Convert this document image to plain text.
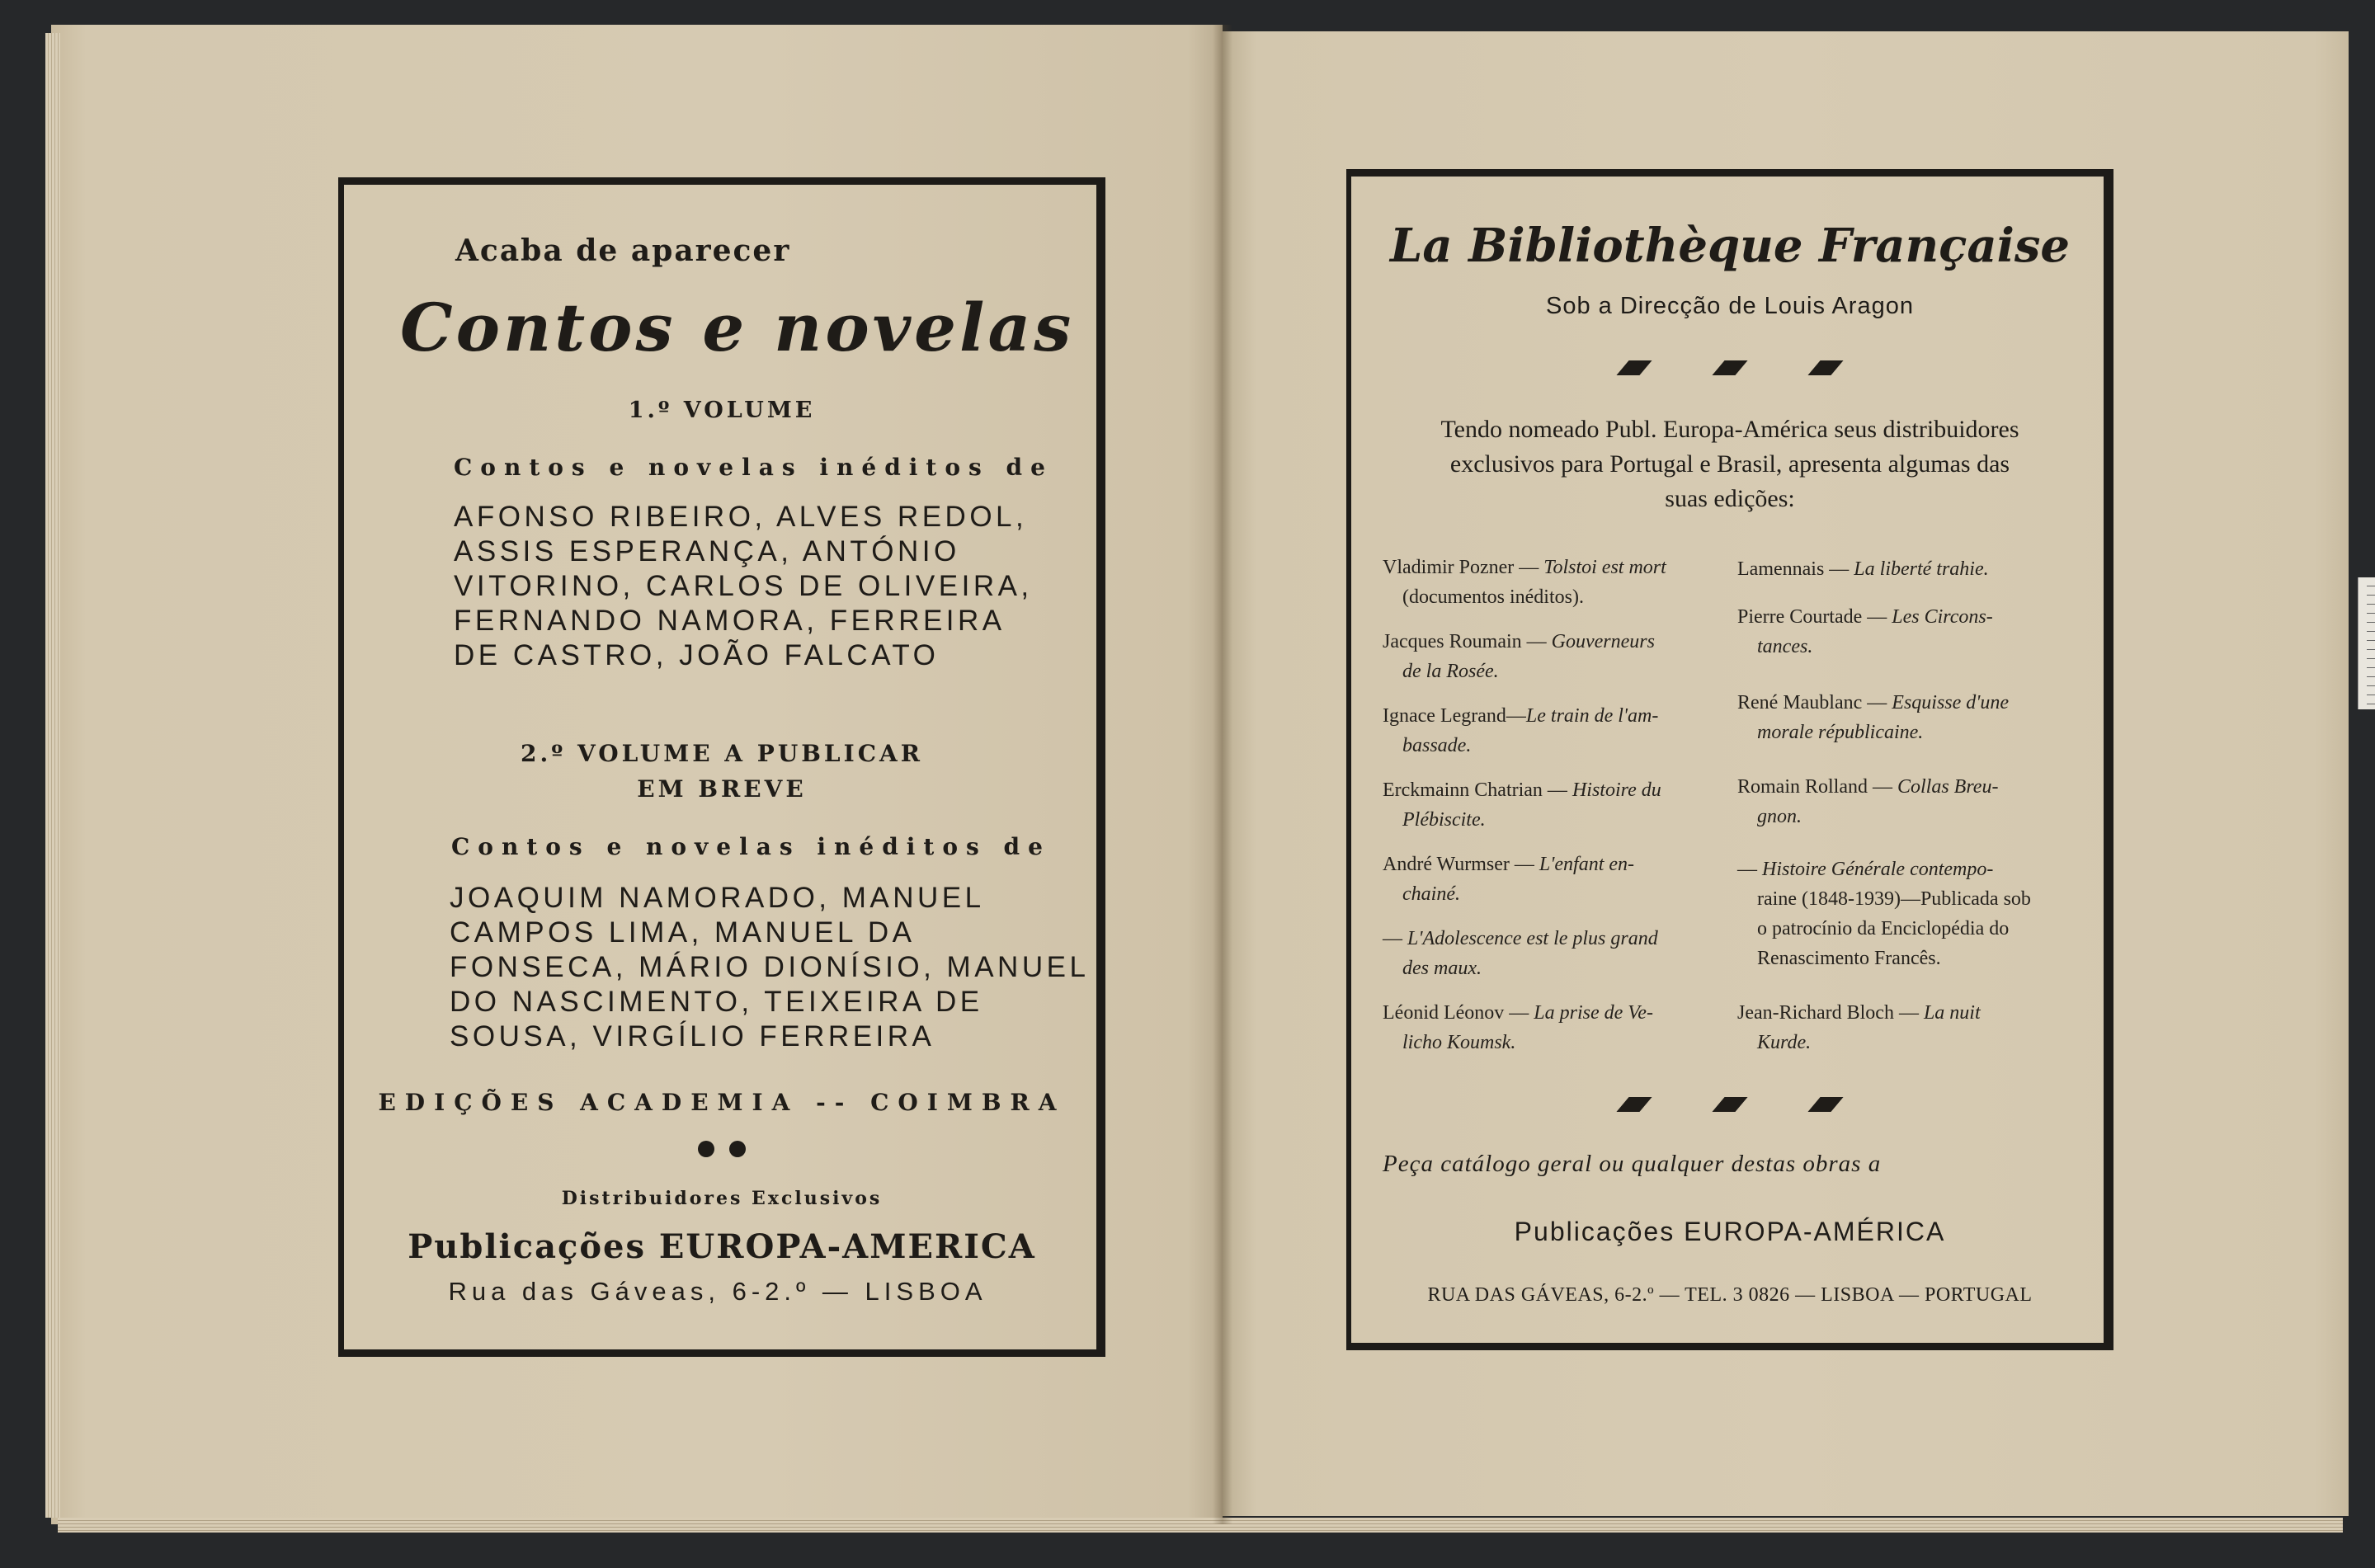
Acaba de aparecer
Contos e novelas
1.º VOLUME
Contos e novelas inéditos de
AFONSO RIBEIRO, ALVES REDOL,
ASSIS ESPERANÇA, ANTÓNIO
VITORINO, CARLOS DE OLIVEIRA,
FERNANDO NAMORA, FERREIRA
DE CASTRO, JOÃO FALCATO
2.º VOLUME A PUBLICAR
EM BREVE
Contos e novelas inéditos de
JOAQUIM NAMORADO, MANUEL
CAMPOS LIMA, MANUEL DA
FONSECA, MÁRIO DIONÍSIO, MANUEL
DO NASCIMENTO, TEIXEIRA DE
SOUSA, VIRGÍLIO FERREIRA
EDIÇÕES ACADEMIA -- COIMBRA
Distribuidores Exclusivos
Publicações EUROPA-AMERICA
Rua das Gáveas, 6-2.º — LISBOA
La Bibliothèque Française
Sob a Direcção de Louis Aragon
Tendo nomeado Publ. Europa-América seus distribuidores
exclusivos para Portugal e Brasil, apresenta algumas das
suas edições:
Vladimir Pozner — Tolstoi est mort
(documentos inéditos).
Jacques Roumain — Gouverneurs
de la Rosée.
Ignace Legrand—Le train de l'am-
bassade.
Erckmainn Chatrian — Histoire du
Plébiscite.
André Wurmser — L'enfant en-
chainé.
— L'Adolescence est le plus grand
des maux.
Léonid Léonov — La prise de Ve-
licho Koumsk.
Lamennais — La liberté trahie.
Pierre Courtade — Les Circons-
tances.
René Maublanc — Esquisse d'une
morale républicaine.
Romain Rolland — Collas Breu-
gnon.
— Histoire Générale contempo-
raine (1848-1939)—Publicada sob
o patrocínio da Enciclopédia do
Renascimento Francês.
Jean-Richard Bloch — La nuit
Kurde.
Peça catálogo geral ou qualquer destas obras a
Publicações EUROPA-AMÉRICA
RUA DAS GÁVEAS, 6-2.º — TEL. 3 0826 — LISBOA — PORTUGAL
